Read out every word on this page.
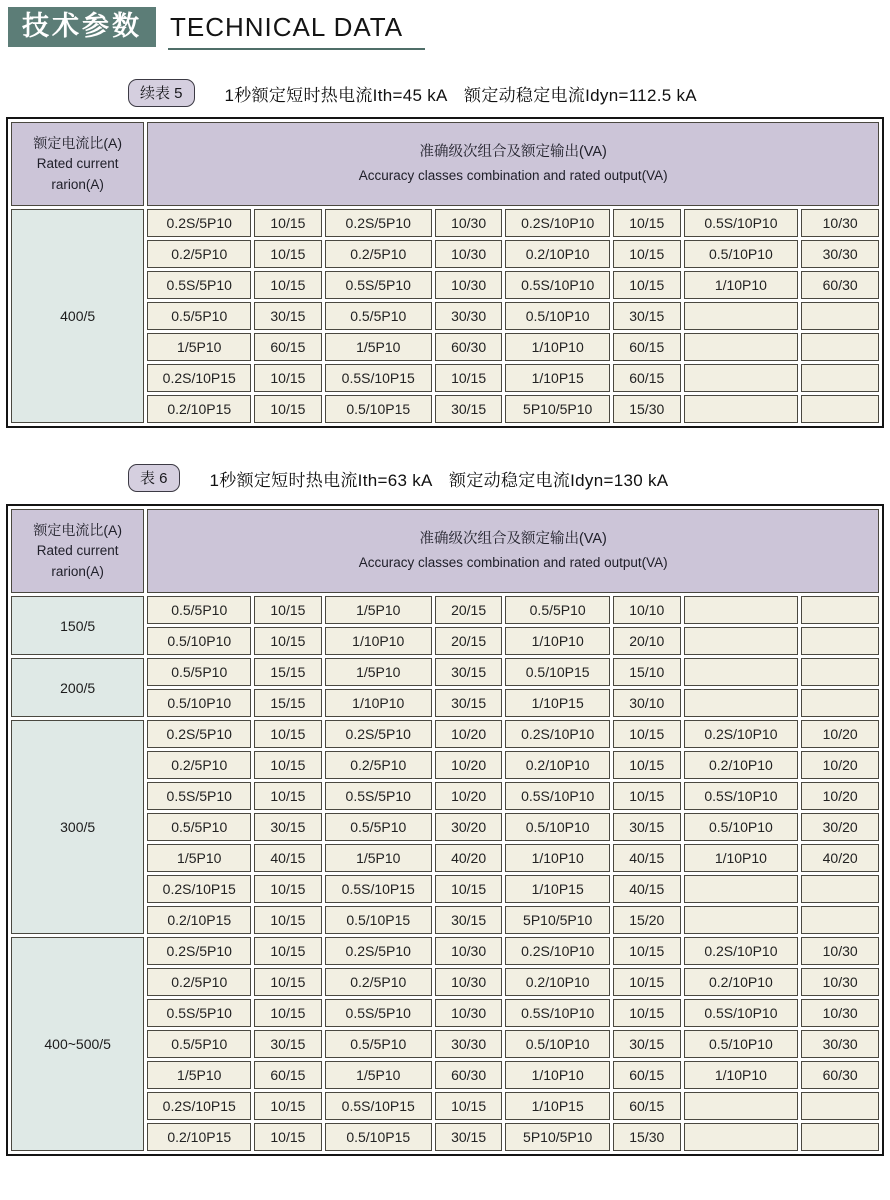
技术参数	TECHNICAL DATA
续表 5	1秒额定短时热电流Ith=45 kA　额定动稳定电流Idyn=112.5 kA
额定电流比(A)
Rated current
rarion(A)

准确级次组合及额定输出(VA)
Accuracy classes combination and rated output(VA)

400/5	0.2S/5P10	10/15	0.2S/5P10	10/30	0.2S/10P10	10/15	0.5S/10P10	10/30
	0.2/5P10	10/15	0.2/5P10	10/30	0.2/10P10	10/15	0.5/10P10	30/30
	0.5S/5P10	10/15	0.5S/5P10	10/30	0.5S/10P10	10/15	1/10P10	60/30
	0.5/5P10	30/15	0.5/5P10	30/30	0.5/10P10	30/15		
	1/5P10	60/15	1/5P10	60/30	1/10P10	60/15		
	0.2S/10P15	10/15	0.5S/10P15	10/15	1/10P15	60/15		
	0.2/10P15	10/15	0.5/10P15	30/15	5P10/5P10	15/30		
表 6	1秒额定短时热电流Ith=63 kA　额定动稳定电流Idyn=130 kA
额定电流比(A)
Rated current
rarion(A)

准确级次组合及额定输出(VA)
Accuracy classes combination and rated output(VA)

150/5	0.5/5P10	10/15	1/5P10	20/15	0.5/5P10	10/10		
	0.5/10P10	10/15	1/10P10	20/15	1/10P10	20/10		
200/5	0.5/5P10	15/15	1/5P10	30/15	0.5/10P15	15/10		
	0.5/10P10	15/15	1/10P10	30/15	1/10P15	30/10		
300/5	0.2S/5P10	10/15	0.2S/5P10	10/20	0.2S/10P10	10/15	0.2S/10P10	10/20
	0.2/5P10	10/15	0.2/5P10	10/20	0.2/10P10	10/15	0.2/10P10	10/20
	0.5S/5P10	10/15	0.5S/5P10	10/20	0.5S/10P10	10/15	0.5S/10P10	10/20
	0.5/5P10	30/15	0.5/5P10	30/20	0.5/10P10	30/15	0.5/10P10	30/20
	1/5P10	40/15	1/5P10	40/20	1/10P10	40/15	1/10P10	40/20
	0.2S/10P15	10/15	0.5S/10P15	10/15	1/10P15	40/15		
	0.2/10P15	10/15	0.5/10P15	30/15	5P10/5P10	15/20		
400~500/5	0.2S/5P10	10/15	0.2S/5P10	10/30	0.2S/10P10	10/15	0.2S/10P10	10/30
	0.2/5P10	10/15	0.2/5P10	10/30	0.2/10P10	10/15	0.2/10P10	10/30
	0.5S/5P10	10/15	0.5S/5P10	10/30	0.5S/10P10	10/15	0.5S/10P10	10/30
	0.5/5P10	30/15	0.5/5P10	30/30	0.5/10P10	30/15	0.5/10P10	30/30
	1/5P10	60/15	1/5P10	60/30	1/10P10	60/15	1/10P10	60/30
	0.2S/10P15	10/15	0.5S/10P15	10/15	1/10P15	60/15		
	0.2/10P15	10/15	0.5/10P15	30/15	5P10/5P10	15/30		
